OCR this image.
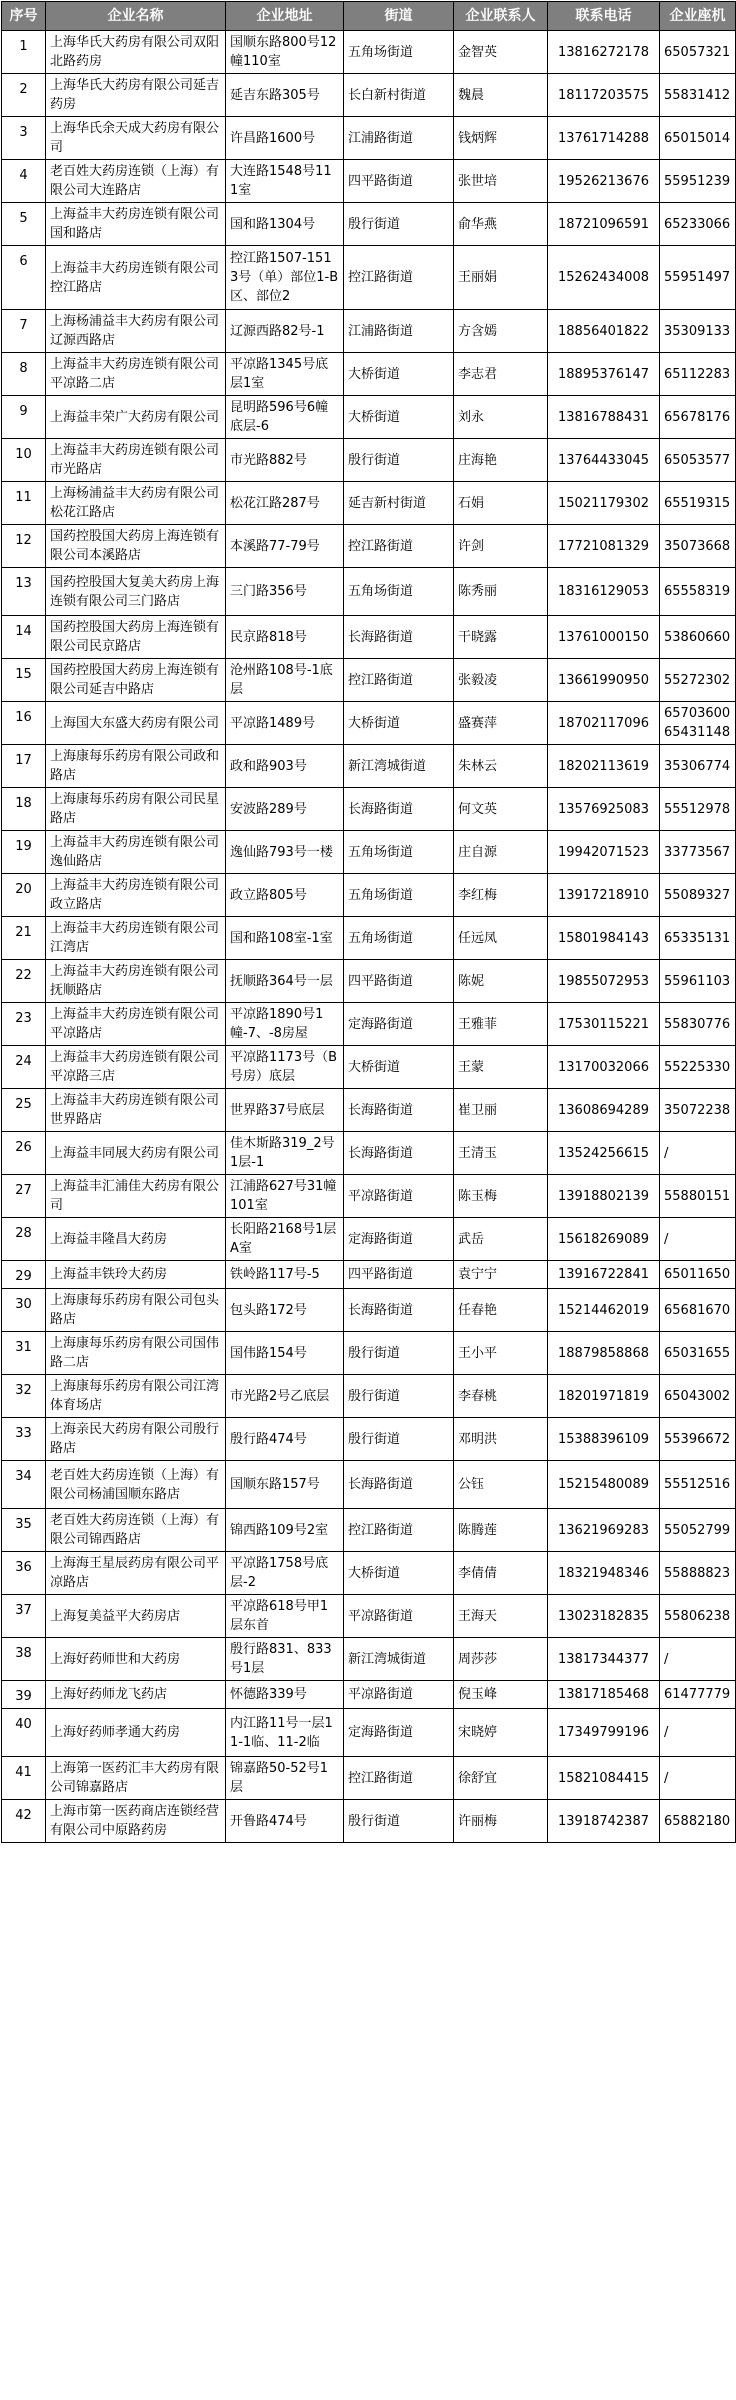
序号	企业名称	企业地址	街道	企业联系人	联系电话	企业座机
1	上海华氏大药房有限公司双阳北路药房	国顺东路800号12幢110室	五角场街道	金智英	13816272178	65057321
2	上海华氏大药房有限公司延吉药房	延吉东路305号	长白新村街道	魏晨	18117203575	55831412
3	上海华氏余天成大药房有限公司	许昌路1600号	江浦路街道	钱炳辉	13761714288	65015014
4	老百姓大药房连锁（上海）有限公司大连路店	大连路1548号111室	四平路街道	张世培	19526213676	55951239
5	上海益丰大药房连锁有限公司国和路店	国和路1304号	殷行街道	俞华燕	18721096591	65233066
6	上海益丰大药房连锁有限公司控江路店	控江路1507-1513号（单）部位1-B区、部位2	控江路街道	王丽娟	15262434008	55951497
7	上海杨浦益丰大药房有限公司辽源西路店	辽源西路82号-1	江浦路街道	方含嫣	18856401822	35309133
8	上海益丰大药房连锁有限公司平凉路二店	平凉路1345号底层1室	大桥街道	李志君	18895376147	65112283
9	上海益丰荣广大药房有限公司	昆明路596号6幢底层-6	大桥街道	刘永	13816788431	65678176
10	上海益丰大药房连锁有限公司市光路店	市光路882号	殷行街道	庄海艳	13764433045	65053577
11	上海杨浦益丰大药房有限公司松花江路店	松花江路287号	延吉新村街道	石娟	15021179302	65519315
12	国药控股国大药房上海连锁有限公司本溪路店	本溪路77-79号	控江路街道	许剑	17721081329	35073668
13	国药控股国大复美大药房上海连锁有限公司三门路店	三门路356号	五角场街道	陈秀丽	18316129053	65558319
14	国药控股国大药房上海连锁有限公司民京路店	民京路818号	长海路街道	干晓露	13761000150	53860660
15	国药控股国大药房上海连锁有限公司延吉中路店	沧州路108号-1底层	控江路街道	张毅凌	13661990950	55272302
16	上海国大东盛大药房有限公司	平凉路1489号	大桥街道	盛赛萍	18702117096	65703600 65431148
17	上海康每乐药房有限公司政和路店	政和路903号	新江湾城街道	朱林云	18202113619	35306774
18	上海康每乐药房有限公司民星路店	安波路289号	长海路街道	何文英	13576925083	55512978
19	上海益丰大药房连锁有限公司逸仙路店	逸仙路793号一楼	五角场街道	庄自源	19942071523	33773567
20	上海益丰大药房连锁有限公司政立路店	政立路805号	五角场街道	李红梅	13917218910	55089327
21	上海益丰大药房连锁有限公司江湾店	国和路108室-1室	五角场街道	任远凤	15801984143	65335131
22	上海益丰大药房连锁有限公司抚顺路店	抚顺路364号一层	四平路街道	陈妮	19855072953	55961103
23	上海益丰大药房连锁有限公司平凉路店	平凉路1890号1幢-7、-8房屋	定海路街道	王雅菲	17530115221	55830776
24	上海益丰大药房连锁有限公司平凉路三店	平凉路1173号（B号房）底层	大桥街道	王蒙	13170032066	55225330
25	上海益丰大药房连锁有限公司世界路店	世界路37号底层	长海路街道	崔卫丽	13608694289	35072238
26	上海益丰同展大药房有限公司	佳木斯路319_2号1层-1	长海路街道	王清玉	13524256615	/
27	上海益丰汇浦佳大药房有限公司	江浦路627号31幢101室	平凉路街道	陈玉梅	13918802139	55880151
28	上海益丰隆昌大药房	长阳路2168号1层A室	定海路街道	武岳	15618269089	/
29	上海益丰铁玲大药房	铁岭路117号-5	四平路街道	袁宁宁	13916722841	65011650
30	上海康每乐药房有限公司包头路店	包头路172号	长海路街道	任春艳	15214462019	65681670
31	上海康每乐药房有限公司国伟路二店	国伟路154号	殷行街道	王小平	18879858868	65031655
32	上海康每乐药房有限公司江湾体育场店	市光路2号乙底层	殷行街道	李春桃	18201971819	65043002
33	上海亲民大药房有限公司殷行路店	殷行路474号	殷行街道	邓明洪	15388396109	55396672
34	老百姓大药房连锁（上海）有限公司杨浦国顺东路店	国顺东路157号	长海路街道	公钰	15215480089	55512516
35	老百姓大药房连锁（上海）有限公司锦西路店	锦西路109号2室	控江路街道	陈腾莲	13621969283	55052799
36	上海海王星辰药房有限公司平凉路店	平凉路1758号底层-2	大桥街道	李倩倩	18321948346	55888823
37	上海复美益平大药房店	平凉路618号甲1层东首	平凉路街道	王海天	13023182835	55806238
38	上海好药师世和大药房	殷行路831、833号1层	新江湾城街道	周莎莎	13817344377	/
39	上海好药师龙飞药店	怀德路339号	平凉路街道	倪玉峰	13817185468	61477779
40	上海好药师孝通大药房	内江路11号一层11-1临、11-2临	定海路街道	宋晓婷	17349799196	/
41	上海第一医药汇丰大药房有限公司锦嘉路店	锦嘉路50-52号1层	控江路街道	徐舒宜	15821084415	/
42	上海市第一医药商店连锁经营有限公司中原路药房	开鲁路474号	殷行街道	许丽梅	13918742387	65882180
